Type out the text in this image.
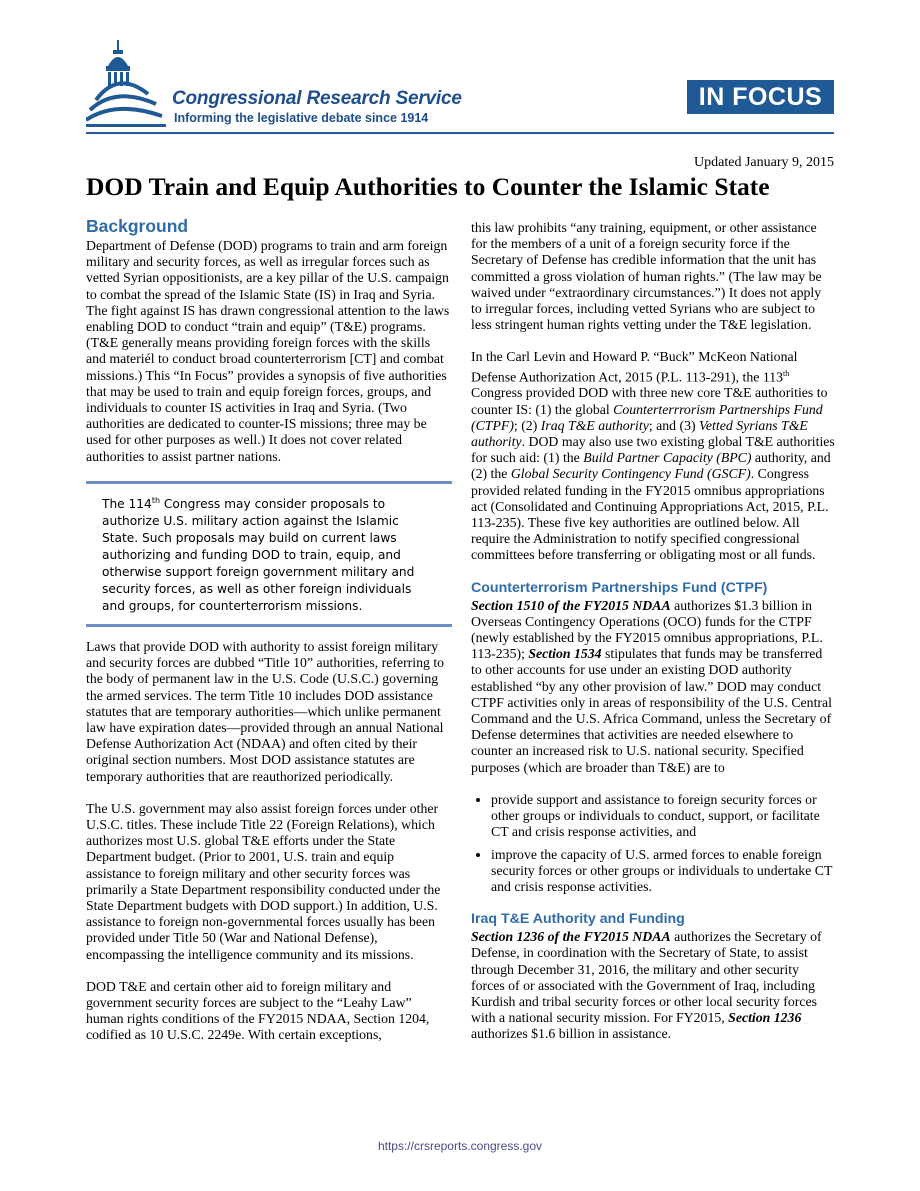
Congressional Research Service
Informing the legislative debate since 1914
IN FOCUS
Updated January 9, 2015
DOD Train and Equip Authorities to Counter the Islamic State
Background

Department of Defense (DOD) programs to train and arm foreign military and security forces, as well as irregular forces such as vetted Syrian oppositionists, are a key pillar of the U.S. campaign to combat the spread of the Islamic State (IS) in Iraq and Syria. The fight against IS has drawn congressional attention to the laws enabling DOD to conduct “train and equip” (T&E) programs. (T&E generally means providing foreign forces with the skills and materiél to conduct broad counterterrorism [CT] and combat missions.) This “In Focus” provides a synopsis of five authorities that may be used to train and equip foreign forces, groups, and individuals to counter IS activities in Iraq and Syria. (Two authorities are dedicated to counter-IS missions; three may be used for other purposes as well.) It does not cover related authorities to assist partner nations.

The 114th Congress may consider proposals to authorize U.S. military action against the Islamic State. Such proposals may build on current laws authorizing and funding DOD to train, equip, and otherwise support foreign government military and security forces, as well as other foreign individuals and groups, for counterterrorism missions.

Laws that provide DOD with authority to assist foreign military and security forces are dubbed “Title 10” authorities, referring to the body of permanent law in the U.S. Code (U.S.C.) governing the armed services. The term Title 10 includes DOD assistance statutes that are temporary authorities—which unlike permanent law have expiration dates—provided through an annual National Defense Authorization Act (NDAA) and often cited by their original section numbers. Most DOD assistance statutes are temporary authorities that are reauthorized periodically.

The U.S. government may also assist foreign forces under other U.S.C. titles. These include Title 22 (Foreign Relations), which authorizes most U.S. global T&E efforts under the State Department budget. (Prior to 2001, U.S. train and equip assistance to foreign military and other security forces was primarily a State Department responsibility conducted under the State Department budgets with DOD support.) In addition, U.S. assistance to foreign non-governmental forces usually has been provided under Title 50 (War and National Defense), encompassing the intelligence community and its missions.

DOD T&E and certain other aid to foreign military and government security forces are subject to the “Leahy Law” human rights conditions of the FY2015 NDAA, Section 1204, codified as 10 U.S.C. 2249e. With certain exceptions,

this law prohibits “any training, equipment, or other assistance for the members of a unit of a foreign security force if the Secretary of Defense has credible information that the unit has committed a gross violation of human rights.” (The law may be waived under “extraordinary circumstances.”) It does not apply to irregular forces, including vetted Syrians who are subject to less stringent human rights vetting under the T&E legislation.

In the Carl Levin and Howard P. “Buck” McKeon National Defense Authorization Act, 2015 (P.L. 113-291), the 113th Congress provided DOD with three new core T&E authorities to counter IS: (1) the global Counterterrrorism Partnerships Fund (CTPF); (2) Iraq T&E authority; and (3) Vetted Syrians T&E authority. DOD may also use two existing global T&E authorities for such aid: (1) the Build Partner Capacity (BPC) authority, and (2) the Global Security Contingency Fund (GSCF). Congress provided related funding in the FY2015 omnibus appropriations act (Consolidated and Continuing Appropriations Act, 2015, P.L. 113-235). These five key authorities are outlined below. All require the Administration to notify specified congressional committees before transferring or obligating most or all funds.

Counterterrorism Partnerships Fund (CTPF)

Section 1510 of the FY2015 NDAA authorizes $1.3 billion in Overseas Contingency Operations (OCO) funds for the CTPF (newly established by the FY2015 omnibus appropriations, P.L. 113-235); Section 1534 stipulates that funds may be transferred to other accounts for use under an existing DOD authority established “by any other provision of law.” DOD may conduct CTPF activities only in areas of responsibility of the U.S. Central Command and the U.S. Africa Command, unless the Secretary of Defense determines that activities are needed elsewhere to counter an increased risk to U.S. national security. Specified purposes (which are broader than T&E) are to

• provide support and assistance to foreign security forces or other groups or individuals to conduct, support, or facilitate CT and crisis response activities, and
• improve the capacity of U.S. armed forces to enable foreign security forces or other groups or individuals to undertake CT and crisis response activities.
Iraq T&E Authority and Funding

Section 1236 of the FY2015 NDAA authorizes the Secretary of Defense, in coordination with the Secretary of State, to assist through December 31, 2016, the military and other security forces of or associated with the Government of Iraq, including Kurdish and tribal security forces or other local security forces with a national security mission. For FY2015, Section 1236 authorizes $1.6 billion in assistance.

https://crsreports.congress.gov
